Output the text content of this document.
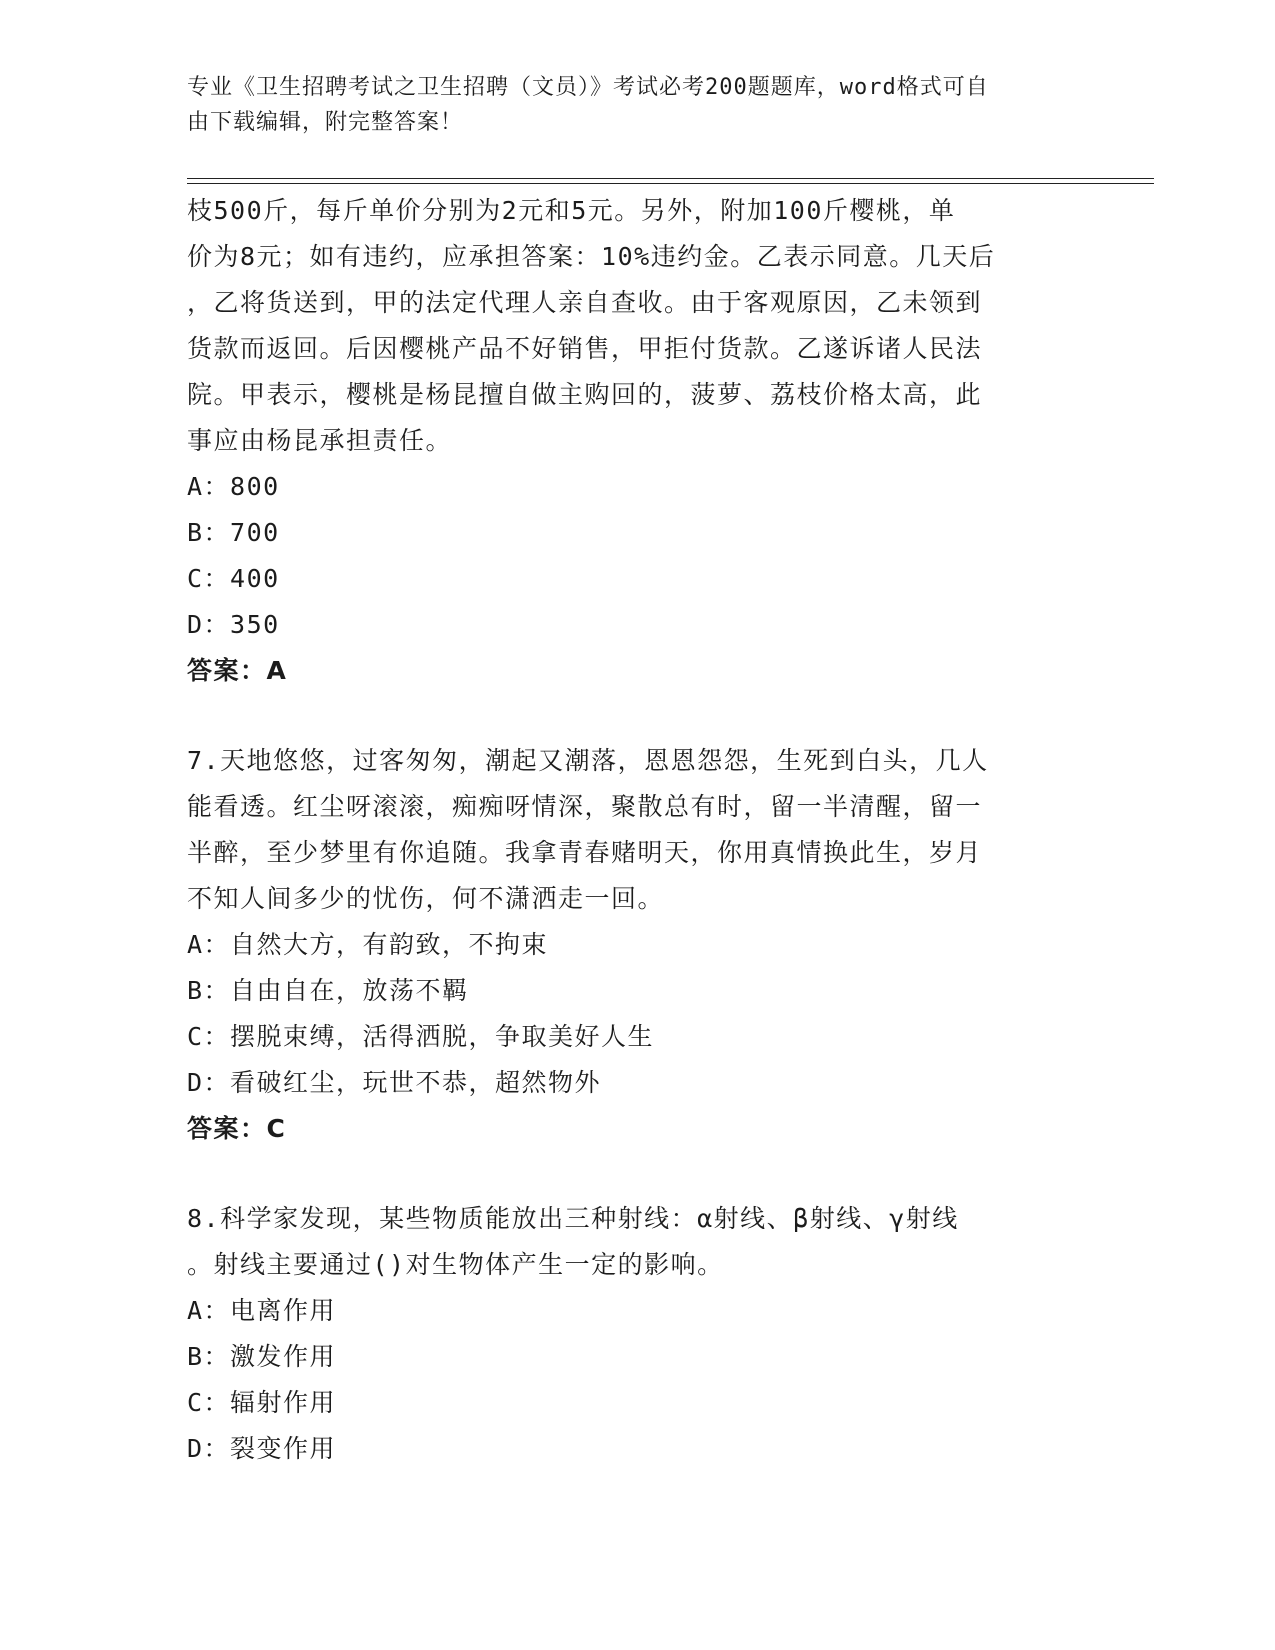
专业《卫生招聘考试之卫生招聘（文员）》考试必考200题题库，word格式可自
由下载编辑，附完整答案！
枝500斤，每斤单价分别为2元和5元。另外，附加100斤樱桃，单
价为8元；如有违约，应承担答案：10%违约金。乙表示同意。几天后
，乙将货送到，甲的法定代理人亲自查收。由于客观原因，乙未领到
货款而返回。后因樱桃产品不好销售，甲拒付货款。乙遂诉诸人民法
院。甲表示，樱桃是杨昆擅自做主购回的，菠萝、荔枝价格太高，此
事应由杨昆承担责任。
A：800
B：700
C：400
D：350
答案：A
7.天地悠悠，过客匆匆，潮起又潮落，恩恩怨怨，生死到白头，几人
能看透。红尘呀滚滚，痴痴呀情深，聚散总有时，留一半清醒，留一
半醉，至少梦里有你追随。我拿青春赌明天，你用真情换此生，岁月
不知人间多少的忧伤，何不潇洒走一回。
A：自然大方，有韵致，不拘束
B：自由自在，放荡不羁
C：摆脱束缚，活得洒脱，争取美好人生
D：看破红尘，玩世不恭，超然物外
答案：C
8.科学家发现，某些物质能放出三种射线：α射线、β射线、γ射线
。射线主要通过()对生物体产生一定的影响。
A：电离作用
B：激发作用
C：辐射作用
D：裂变作用
